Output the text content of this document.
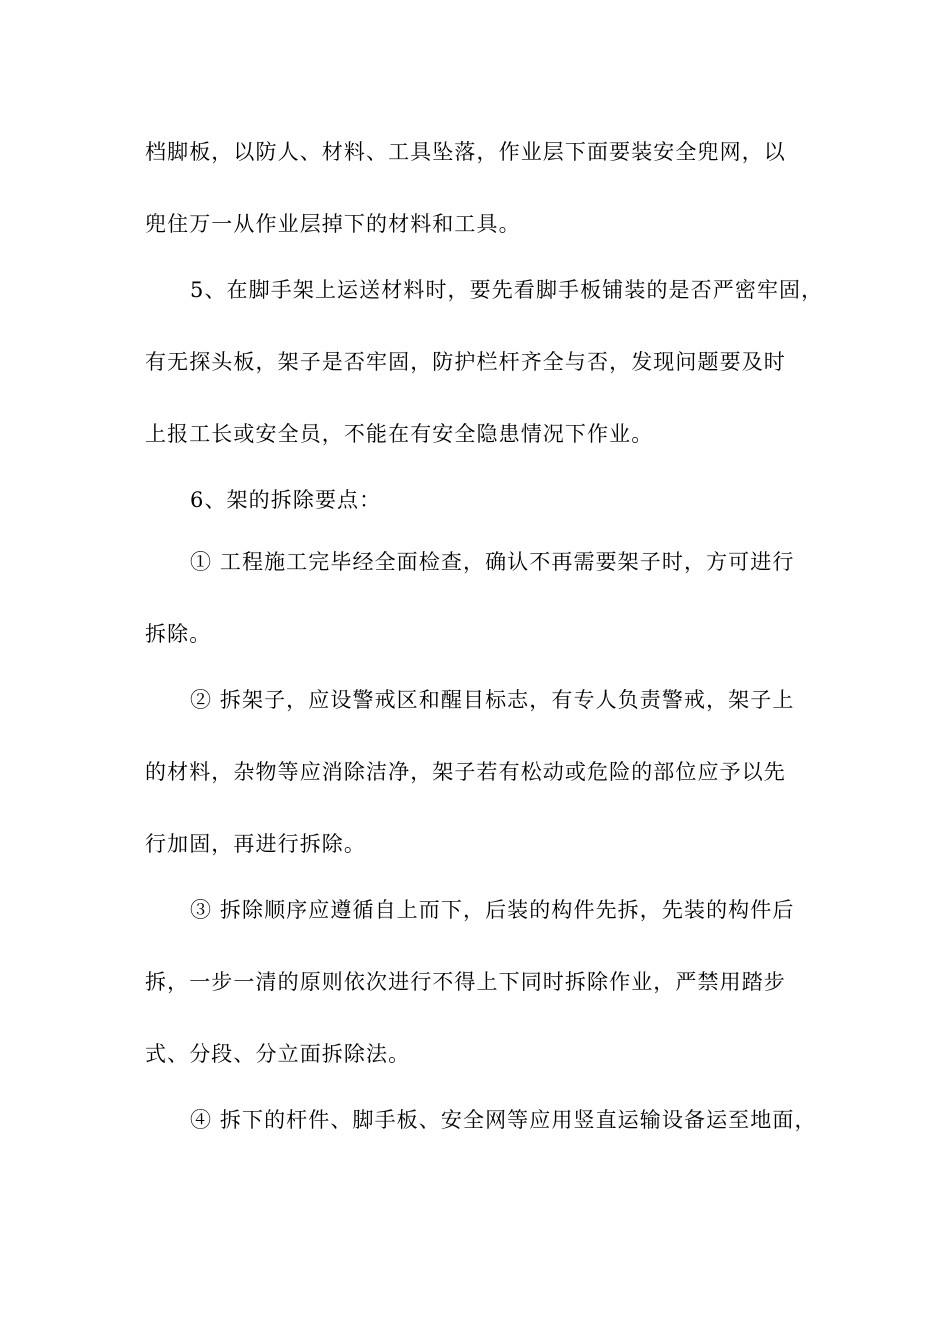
档脚板，以防人、材料、工具坠落，作业层下面要装安全兜网，以
兜住万一从作业层掉下的材料和工具。
5、在脚手架上运送材料时，要先看脚手板铺装的是否严密牢固，
有无探头板，架子是否牢固，防护栏杆齐全与否，发现问题要及时
上报工长或安全员，不能在有安全隐患情况下作业。
6、架的拆除要点：
① 工程施工完毕经全面检查，确认不再需要架子时，方可进行
拆除。
② 拆架子，应设警戒区和醒目标志，有专人负责警戒，架子上
的材料，杂物等应消除洁净，架子若有松动或危险的部位应予以先
行加固，再进行拆除。
③ 拆除顺序应遵循自上而下，后装的构件先拆，先装的构件后
拆，一步一清的原则依次进行不得上下同时拆除作业，严禁用踏步
式、分段、分立面拆除法。
④ 拆下的杆件、脚手板、安全网等应用竖直运输设备运至地面，
